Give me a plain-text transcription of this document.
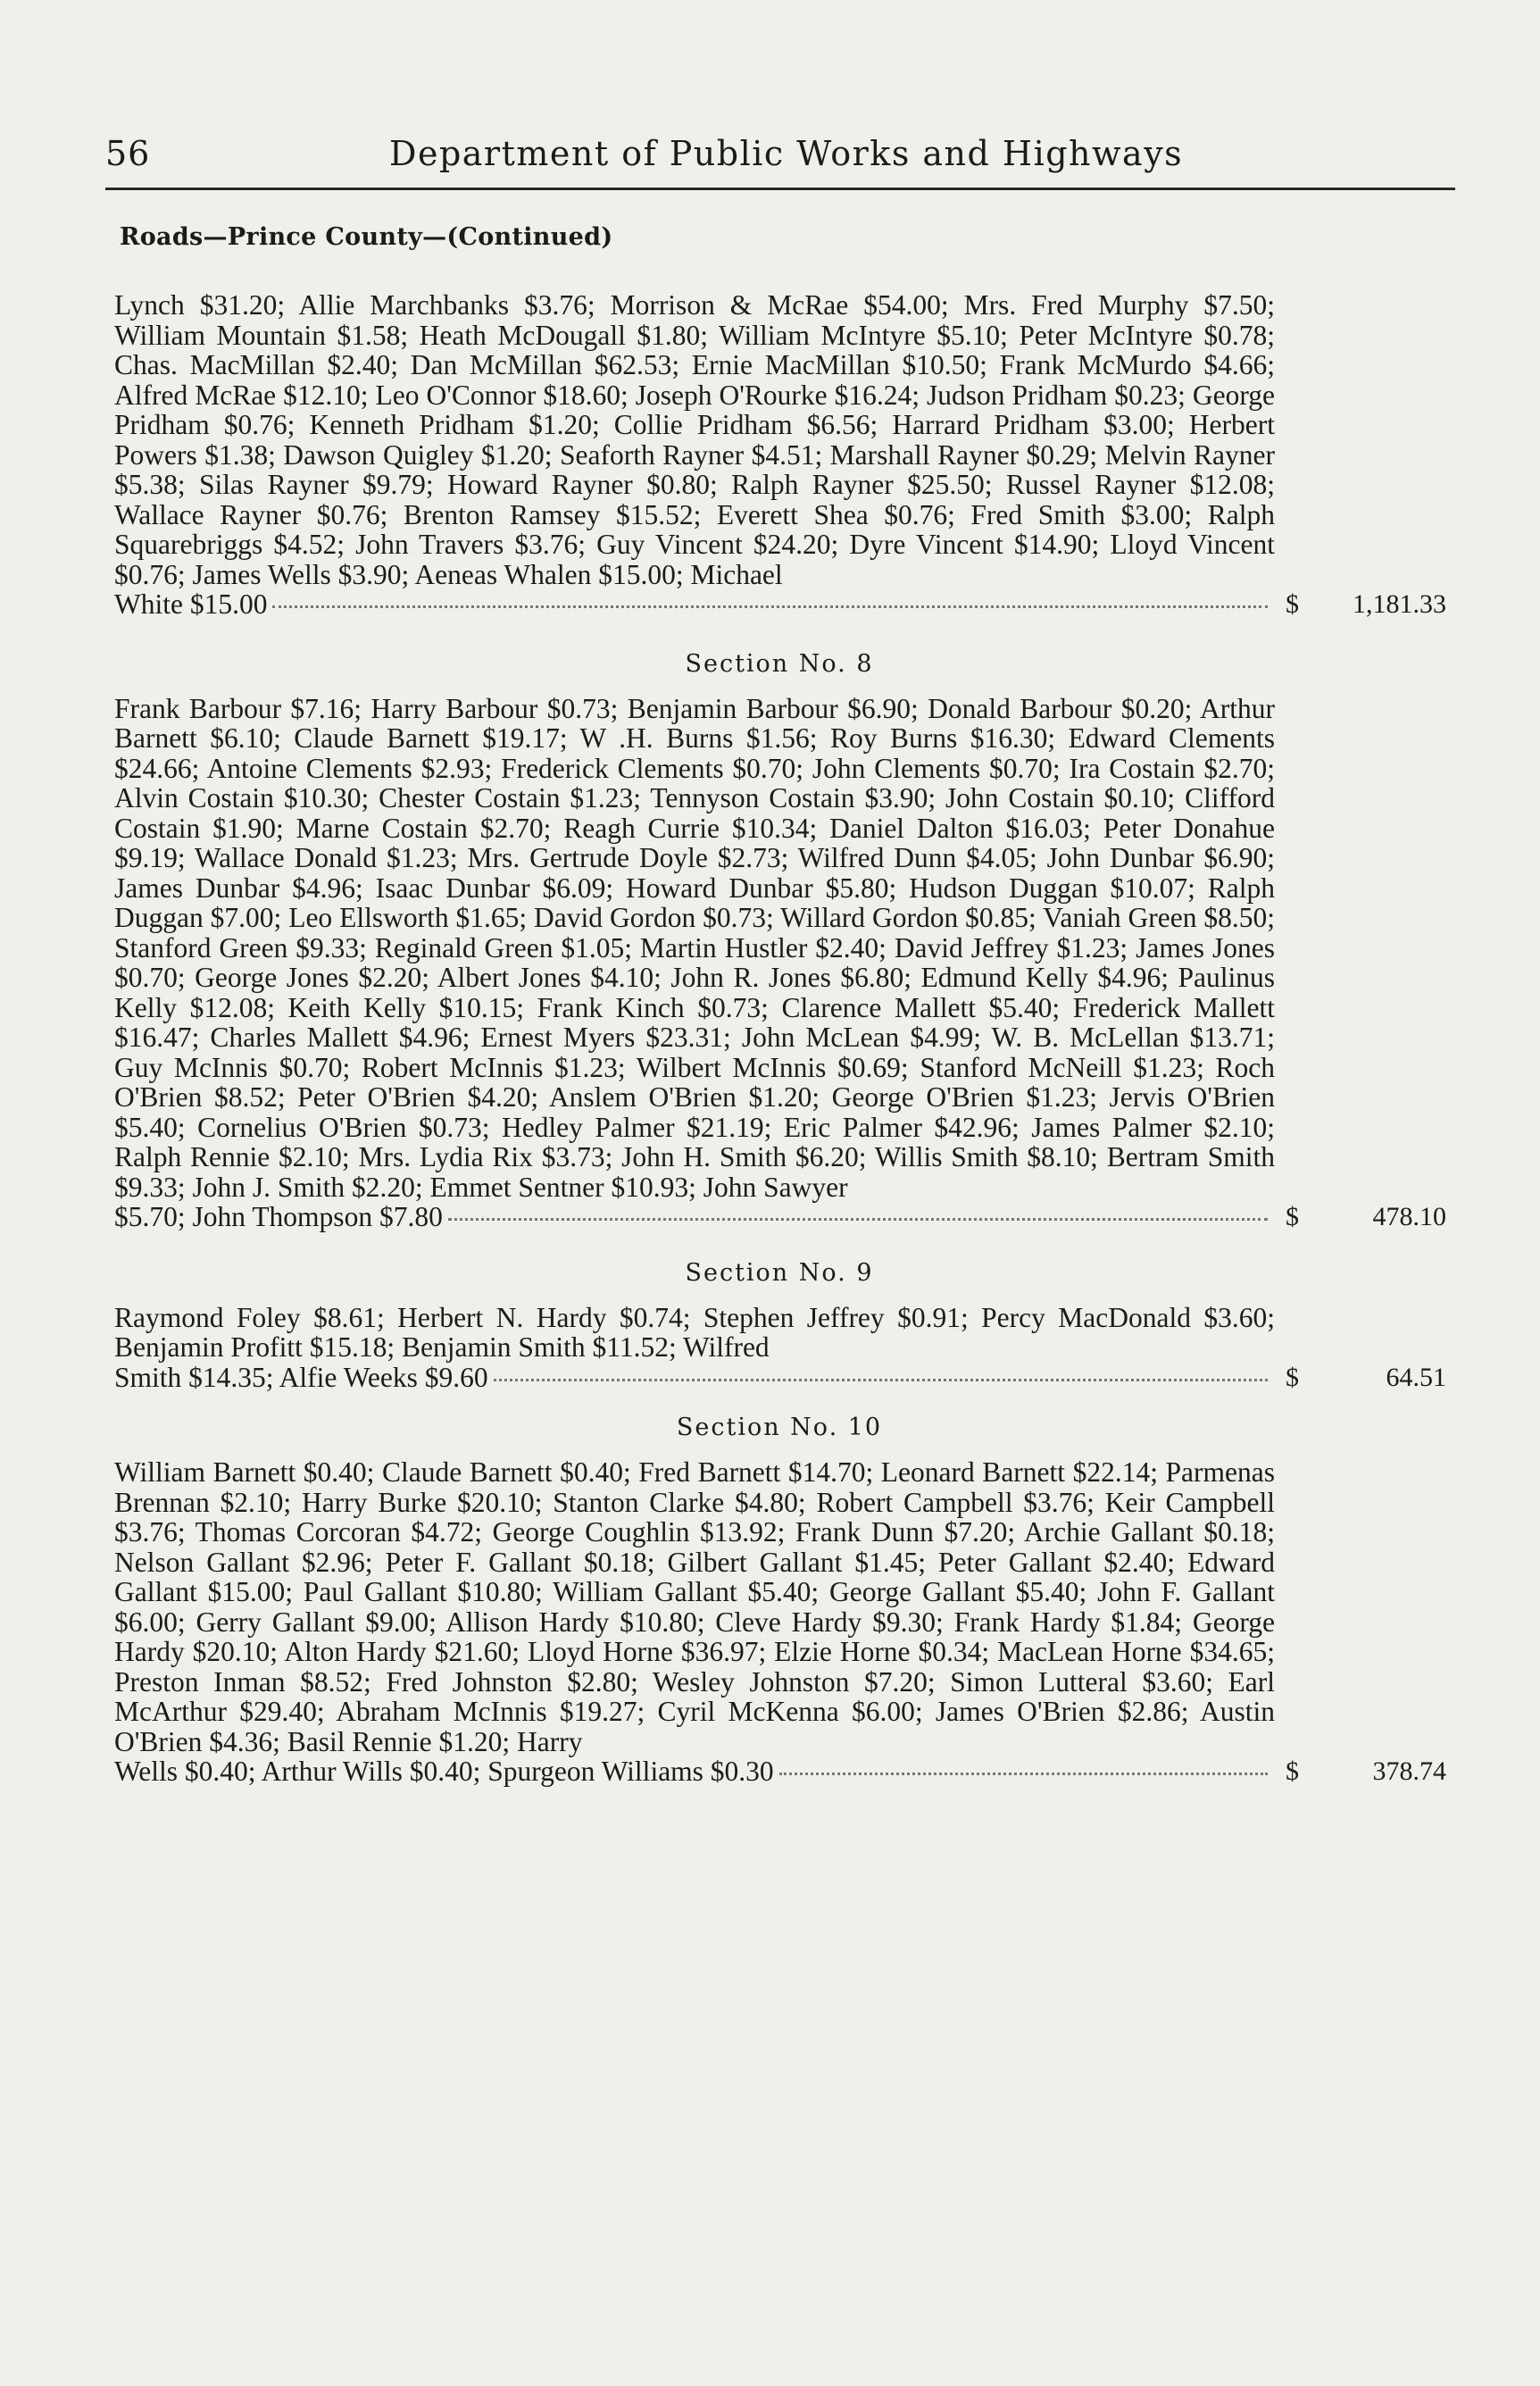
56	Department of Public Works and Highways
Roads—Prince County—(Continued)

Lynch $31.20; Allie Marchbanks $3.76; Morrison & McRae $54.00; Mrs. Fred Murphy $7.50; William Mountain $1.58; Heath McDougall $1.80; William McIntyre $5.10; Peter McIntyre $0.78; Chas. MacMillan $2.40; Dan McMillan $62.53; Ernie MacMillan $10.50; Frank McMurdo $4.66; Alfred McRae $12.10; Leo O'Connor $18.60; Joseph O'Rourke $16.24; Judson Pridham $0.23; George Pridham $0.76; Kenneth Pridham $1.20; Collie Pridham $6.56; Harrard Pridham $3.00; Herbert Powers $1.38; Dawson Quigley $1.20; Seaforth Rayner $4.51; Marshall Rayner $0.29; Melvin Rayner $5.38; Silas Rayner $9.79; Howard Rayner $0.80; Ralph Rayner $25.50; Russel Rayner $12.08; Wallace Rayner $0.76; Brenton Ramsey $15.52; Everett Shea $0.76; Fred Smith $3.00; Ralph Squarebriggs $4.52; John Travers $3.76; Guy Vincent $24.20; Dyre Vincent $14.90; Lloyd Vincent $0.76; James Wells $3.90; Aeneas Whalen $15.00; Michael

White $15.00	$	1,181.33
Section No. 8

Frank Barbour $7.16; Harry Barbour $0.73; Benjamin Barbour $6.90; Donald Barbour $0.20; Arthur Barnett $6.10; Claude Barnett $19.17; W .H. Burns $1.56; Roy Burns $16.30; Edward Clements $24.66; Antoine Clements $2.93; Frederick Clements $0.70; John Clements $0.70; Ira Costain $2.70; Alvin Costain $10.30; Chester Costain $1.23; Tennyson Costain $3.90; John Costain $0.10; Clifford Costain $1.90; Marne Costain $2.70; Reagh Currie $10.34; Daniel Dalton $16.03; Peter Donahue $9.19; Wallace Donald $1.23; Mrs. Gertrude Doyle $2.73; Wilfred Dunn $4.05; John Dunbar $6.90; James Dunbar $4.96; Isaac Dunbar $6.09; Howard Dunbar $5.80; Hudson Duggan $10.07; Ralph Duggan $7.00; Leo Ellsworth $1.65; David Gordon $0.73; Willard Gordon $0.85; Vaniah Green $8.50; Stanford Green $9.33; Reginald Green $1.05; Martin Hustler $2.40; David Jeffrey $1.23; James Jones $0.70; George Jones $2.20; Albert Jones $4.10; John R. Jones $6.80; Edmund Kelly $4.96; Paulinus Kelly $12.08; Keith Kelly $10.15; Frank Kinch $0.73; Clarence Mallett $5.40; Frederick Mallett $16.47; Charles Mallett $4.96; Ernest Myers $23.31; John McLean $4.99; W. B. McLellan $13.71; Guy McInnis $0.70; Robert McInnis $1.23; Wilbert McInnis $0.69; Stanford McNeill $1.23; Roch O'Brien $8.52; Peter O'Brien $4.20; Anslem O'Brien $1.20; George O'Brien $1.23; Jervis O'Brien $5.40; Cornelius O'Brien $0.73; Hedley Palmer $21.19; Eric Palmer $42.96; James Palmer $2.10; Ralph Rennie $2.10; Mrs. Lydia Rix $3.73; John H. Smith $6.20; Willis Smith $8.10; Bertram Smith $9.33; John J. Smith $2.20; Emmet Sentner $10.93; John Sawyer

$5.70; John Thompson $7.80	$	478.10
Section No. 9

Raymond Foley $8.61; Herbert N. Hardy $0.74; Stephen Jeffrey $0.91; Percy MacDonald $3.60; Benjamin Profitt $15.18; Benjamin Smith $11.52; Wilfred

Smith $14.35; Alfie Weeks $9.60	$	64.51
Section No. 10

William Barnett $0.40; Claude Barnett $0.40; Fred Barnett $14.70; Leonard Barnett $22.14; Parmenas Brennan $2.10; Harry Burke $20.10; Stanton Clarke $4.80; Robert Campbell $3.76; Keir Campbell $3.76; Thomas Corcoran $4.72; George Coughlin $13.92; Frank Dunn $7.20; Archie Gallant $0.18; Nelson Gallant $2.96; Peter F. Gallant $0.18; Gilbert Gallant $1.45; Peter Gallant $2.40; Edward Gallant $15.00; Paul Gallant $10.80; William Gallant $5.40; George Gallant $5.40; John F. Gallant $6.00; Gerry Gallant $9.00; Allison Hardy $10.80; Cleve Hardy $9.30; Frank Hardy $1.84; George Hardy $20.10; Alton Hardy $21.60; Lloyd Horne $36.97; Elzie Horne $0.34; MacLean Horne $34.65; Preston Inman $8.52; Fred Johnston $2.80; Wesley Johnston $7.20; Simon Lutteral $3.60; Earl McArthur $29.40; Abraham McInnis $19.27; Cyril McKenna $6.00; James O'Brien $2.86; Austin O'Brien $4.36; Basil Rennie $1.20; Harry

Wells $0.40; Arthur Wills $0.40; Spurgeon Williams $0.30	$	378.74
